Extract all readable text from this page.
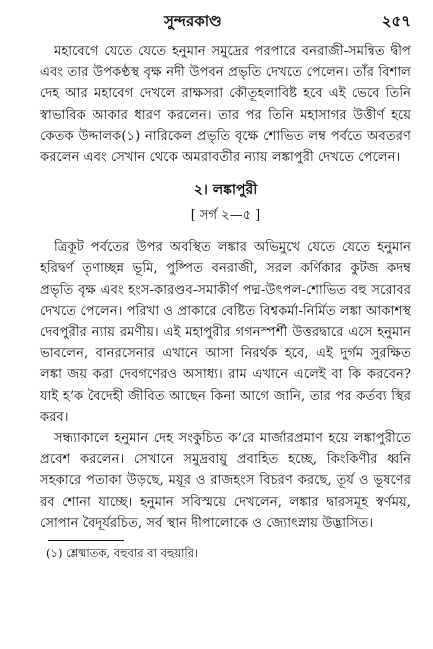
সুন্দরকাণ্ড	২৫৭

মহাবেগে যেতে যেতে হনুমান সমুদ্রের পরপারে বনরাজী-সমন্বিত দ্বীপ এবং তার উপকণ্ঠস্থ বৃক্ষ নদী উপবন প্রভৃতি দেখতে পেলেন। তাঁর বিশাল দেহ আর মহাবেগ দেখলে রাক্ষসরা কৌতূহলাবিষ্ট হবে এই ভেবে তিনি স্বাভাবিক আকার ধারণ করলেন। তার পর তিনি মহাসাগর উত্তীর্ণ হয়ে কেতক উদ্দালক(১) নারিকেল প্রভৃতি বৃক্ষে শোভিত লম্ব পর্বতে অবতরণ করলেন এবং সেখান থেকে অমরাবতীর ন্যায় লঙ্কাপুরী দেখতে পেলেন।

২। লঙ্কাপুরী
[ সর্গ ২—৫ ]

ত্রিকূট পর্বতের উপর অবস্থিত লঙ্কার অভিমুখে যেতে যেতে হনুমান হরিদ্বর্ণ তৃণাচ্ছন্ন ভূমি, পুষ্পিত বনরাজী, সরল কর্ণিকার কুটজ কদম্ব প্রভৃতি বৃক্ষ এবং হংস-কারণ্ডব-সমাকীর্ণ পদ্ম-উৎপল-শোভিত বহু সরোবর দেখতে পেলেন। পরিখা ও প্রাকারে বেষ্টিত বিশ্বকর্মা-নির্মিত লঙ্কা আকাশস্থ দেবপুরীর ন্যায় রমণীয়। এই মহাপুরীর গগনস্পর্শী উত্তরদ্বারে এসে হনুমান ভাবলেন, বানরসেনার এখানে আসা নিরর্থক হবে, এই দুর্গম সুরক্ষিত লঙ্কা জয় করা দেবগণেরও অসাধ্য। রাম এখানে এলেই বা কি করবেন? যাই হ’ক বৈদেহী জীবিত আছেন কিনা আগে জানি, তার পর কর্তব্য স্থির করব।

সন্ধ্যাকালে হনুমান দেহ সংকুচিত ক’রে মার্জারপ্রমাণ হয়ে লঙ্কাপুরীতে প্রবেশ করলেন। সেখানে সমুদ্রবায়ু প্রবাহিত হচ্ছে, কিংকিণীর ধ্বনি সহকারে পতাকা উড়ছে, ময়ূর ও রাজহংস বিচরণ করছে, তূর্য ও ভূষণের রব শোনা যাচ্ছে। হনুমান সবিস্ময়ে দেখলেন, লঙ্কার দ্বারসমূহ স্বর্ণময়, সোপান বৈদূর্যরচিত, সর্ব স্থান দীপালোকে ও জ্যোৎস্নায় উদ্ভাসিত।

(১) শ্লেষ্মাতক, বহুবার বা বহুয়ারি।
